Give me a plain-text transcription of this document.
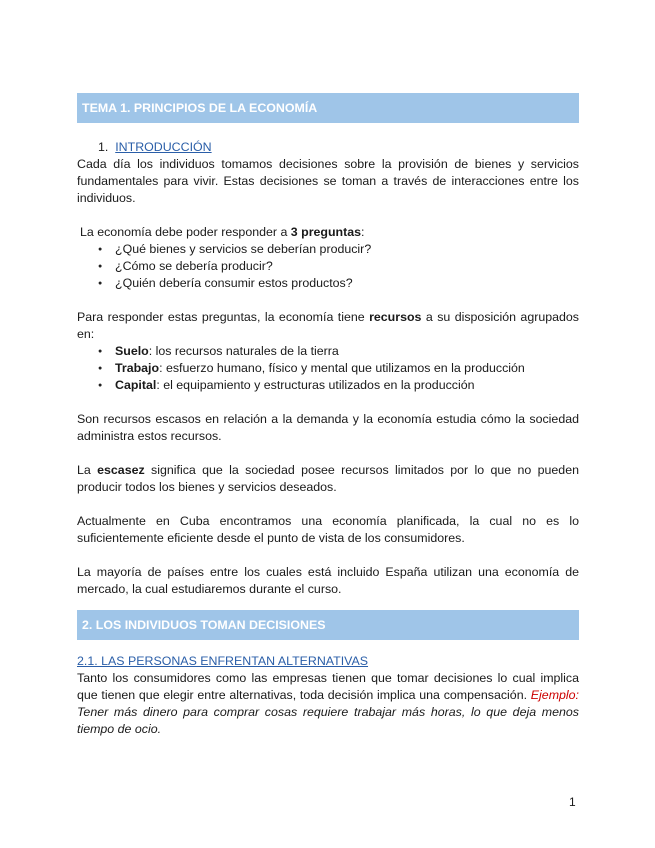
TEMA 1. PRINCIPIOS DE LA ECONOMÍA

1. INTRODUCCIÓN

Cada día los individuos tomamos decisiones sobre la provisión de bienes y servicios fundamentales para vivir. Estas decisiones se toman a través de interacciones entre los individuos.

La economía debe poder responder a 3 preguntas:

● ¿Qué bienes y servicios se deberían producir?
● ¿Cómo se debería producir?
● ¿Quién debería consumir estos productos?

Para responder estas preguntas, la economía tiene recursos a su disposición agrupados en:

● Suelo: los recursos naturales de la tierra
● Trabajo: esfuerzo humano, físico y mental que utilizamos en la producción
● Capital: el equipamiento y estructuras utilizados en la producción

Son recursos escasos en relación a la demanda y la economía estudia cómo la sociedad administra estos recursos.

La escasez significa que la sociedad posee recursos limitados por lo que no pueden producir todos los bienes y servicios deseados.

Actualmente en Cuba encontramos una economía planificada, la cual no es lo suficientemente eficiente desde el punto de vista de los consumidores.

La mayoría de países entre los cuales está incluido España utilizan una economía de mercado, la cual estudiaremos durante el curso.

2. LOS INDIVIDUOS TOMAN DECISIONES

2.1. LAS PERSONAS ENFRENTAN ALTERNATIVAS

Tanto los consumidores como las empresas tienen que tomar decisiones lo cual implica que tienen que elegir entre alternativas, toda decisión implica una compensación. Ejemplo: Tener más dinero para comprar cosas requiere trabajar más horas, lo que deja menos tiempo de ocio.

1
